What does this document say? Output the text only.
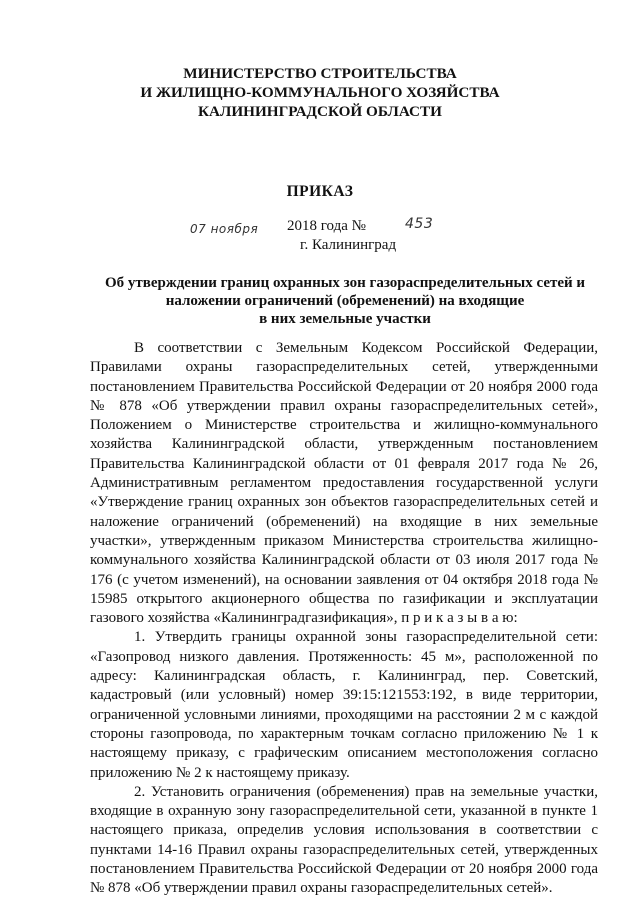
МИНИСТЕРСТВО СТРОИТЕЛЬСТВА
И ЖИЛИЩНО-КОММУНАЛЬНОГО ХОЗЯЙСТВА
КАЛИНИНГРАДСКОЙ ОБЛАСТИ
ПРИКАЗ
07 ноября 2018 года №	453
г. Калининград
Об утверждении границ охранных зон газораспределительных сетей и
наложении ограничений (обременений) на входящие
в них земельные участки

В соответствии с Земельным Кодексом Российской Федерации, Правилами охраны газораспределительных сетей, утвержденными постановлением Правительства Российской Федерации от 20 ноября 2000 года № 878 «Об утверждении правил охраны газораспределительных сетей», Положением о Министерстве строительства и жилищно-коммунального хозяйства Калининградской области, утвержденным постановлением Правительства Калининградской области от 01 февраля 2017 года № 26, Административным регламентом предоставления государственной услуги «Утверждение границ охранных зон объектов газораспределительных сетей и наложение ограничений (обременений) на входящие в них земельные участки», утвержденным приказом Министерства строительства жилищно-коммунального хозяйства Калининградской области от 03 июля 2017 года № 176 (с учетом изменений), на основании заявления от 04 октября 2018 года № 15985 открытого акционерного общества по газификации и эксплуатации газового хозяйства «Калининградгазификация», п р и к а з ы в а ю:

1. Утвердить границы охранной зоны газораспределительной сети: «Газопровод низкого давления. Протяженность: 45 м», расположенной по адресу: Калининградская область, г. Калининград, пер. Советский, кадастровый (или условный) номер 39:15:121553:192, в виде территории, ограниченной условными линиями, проходящими на расстоянии 2 м с каждой стороны газопровода, по характерным точкам согласно приложению № 1 к настоящему приказу, с графическим описанием местоположения согласно приложению № 2 к настоящему приказу.

2. Установить ограничения (обременения) прав на земельные участки, входящие в охранную зону газораспределительной сети, указанной в пункте 1 настоящего приказа, определив условия использования в соответствии с пунктами 14-16 Правил охраны газораспределительных сетей, утвержденных постановлением Правительства Российской Федерации от 20 ноября 2000 года № 878 «Об утверждении правил охраны газораспределительных сетей».
